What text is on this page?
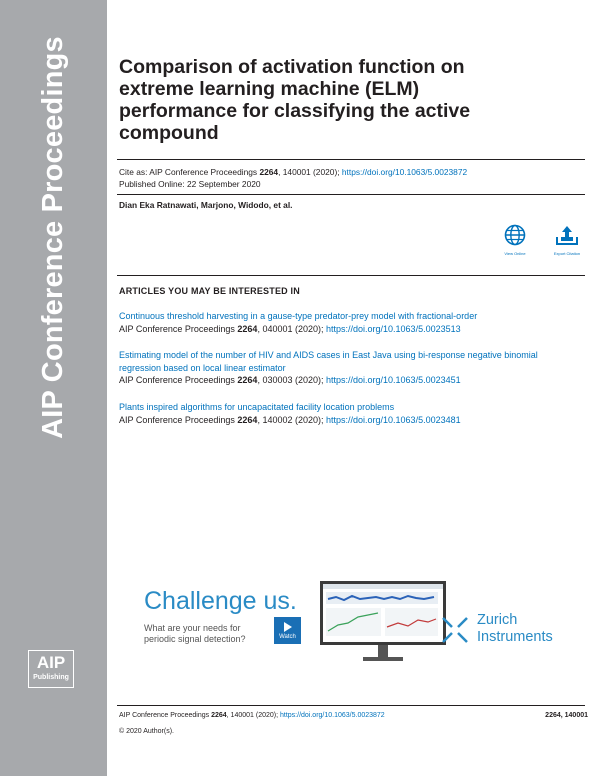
AIP Conference Proceedings
AIP
Publishing
Comparison of activation function on extreme learning machine (ELM) performance for classifying the active compound
Cite as: AIP Conference Proceedings 2264, 140001 (2020); https://doi.org/10.1063/5.0023872
Published Online: 22 September 2020
Dian Eka Ratnawati, Marjono, Widodo, et al.
View Online	Export Citation
ARTICLES YOU MAY BE INTERESTED IN
Continuous threshold harvesting in a gause-type predator-prey model with fractional-order
AIP Conference Proceedings 2264, 040001 (2020); https://doi.org/10.1063/5.0023513
Estimating model of the number of HIV and AIDS cases in East Java using bi-response negative binomial regression based on local linear estimator
AIP Conference Proceedings 2264, 030003 (2020); https://doi.org/10.1063/5.0023451
Plants inspired algorithms for uncapacitated facility location problems
AIP Conference Proceedings 2264, 140002 (2020); https://doi.org/10.1063/5.0023481
Challenge us.
What are your needs for periodic signal detection?	Watch
Zurich
Instruments
AIP Conference Proceedings 2264, 140001 (2020); https://doi.org/10.1063/5.0023872	2264, 140001
© 2020 Author(s).
